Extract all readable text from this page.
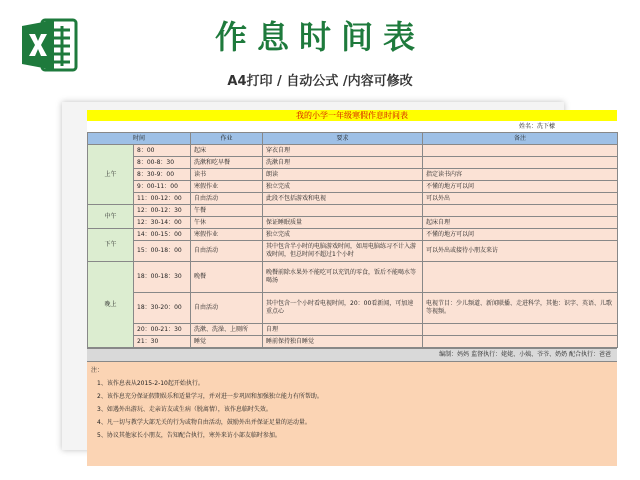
作息时间表
A4打印 / 自动公式 /内容可修改
我的小学一年级寒假作息时间表
姓名：冼下檬
时间		作业	要求	备注
上午	8：00	起床	穿衣自理	
	8：00-8：30	洗漱和吃早餐	洗漱自理	
	8：30-9：00	读书	朗读	指定读书内容
	9：00-11：00	寒假作业	独立完成	不懂的地方可以问
	11：00-12：00	自由活动	此段不包括游戏和电视	可以外出
中午	12：00-12：30	午餐		
	12：30-14：00	午休	保证睡眠质量	起床自理
下午	14：00-15：00	寒假作业	独立完成	不懂的地方可以问
	15：00-18：00	自由活动	其中包含半小时的电脑游戏时间，如用电脑练习不计入游戏时间，但总时间不超过1个小时	可以外出或接待小朋友来访
晚上	18：00-18：30	晚餐	晚餐前除水果外不能吃可以充饥的零食，饭后不能喝水等喝汤	
	18：30-20：00	自由活动	其中包含一个小时看电视时间，20：00看新闻，可加速重点心	电视节目：少儿频道、新闻联播、走进科学，其他：识字、英语、儿歌等视频。
	20：00-21：30	洗漱、洗澡、上厕所	自理	
	21：30	睡觉	睡前保持独自睡觉	
编制：妈妈 监督执行：姥姥、小姨、爷爷、奶奶 配合执行：爸爸
注：
1、该作息表从2015-2-10起开始执行。
2、该作息充分保证假期娱乐和适量学习，并对进一步巩固和加强独立能力有所帮助。
3、如遇外出游玩、走亲访友或生病（脱离情），该作息临时失效。
4、凡一切与教学大部无关的行为或物自由活动，鼓励外出并保证足量的运动量。
5、协议其他家长小朋友，告知配合执行，寒外来访小部友临时参加。
